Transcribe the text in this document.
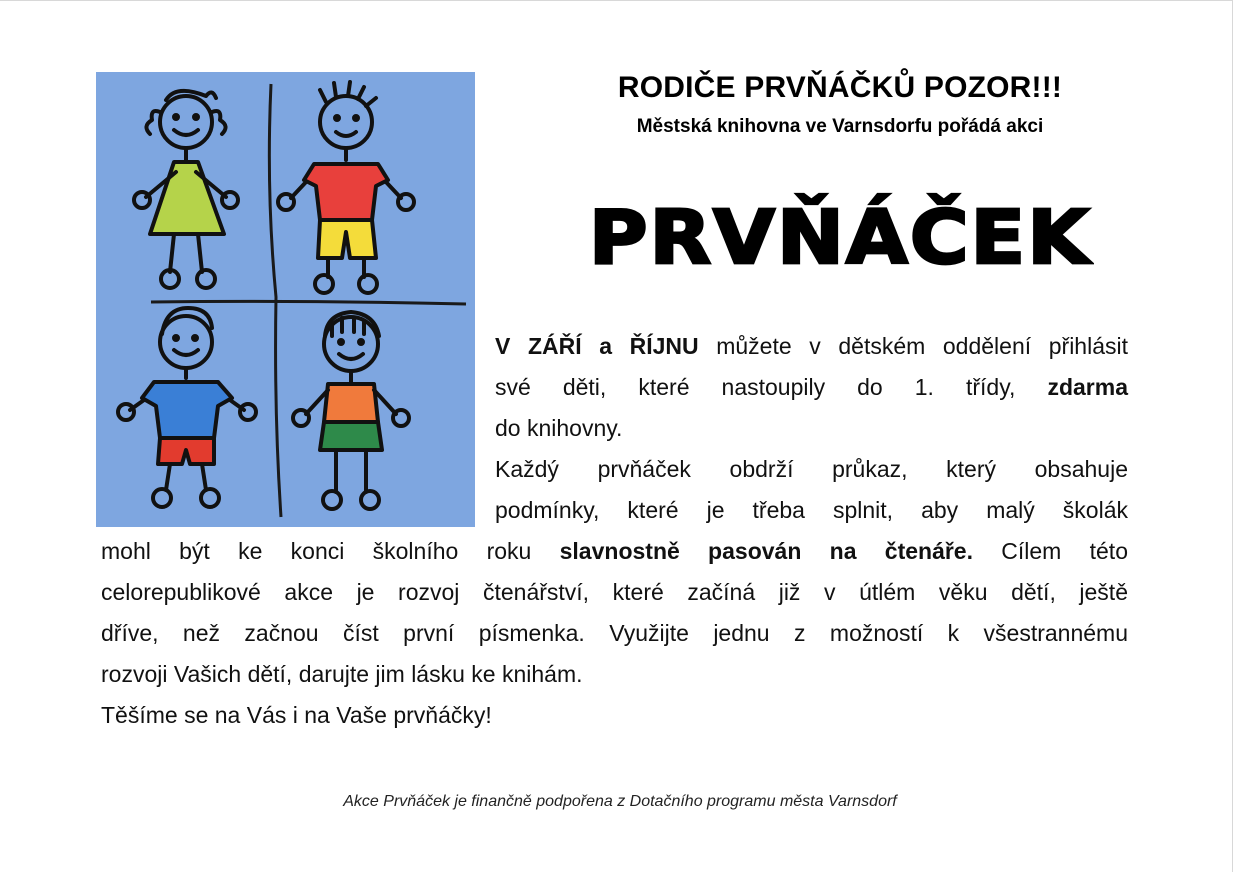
RODIČE PRVŇÁČKŮ POZOR!!!
Městská knihovna ve Varnsdorfu pořádá akci
PRVŇÁČEK
V ZÁŘÍ a ŘÍJNU můžete v dětském oddělení přihlásit
své děti, které nastoupily do 1. třídy, zdarma
do knihovny.
Každý prvňáček obdrží průkaz, který obsahuje
podmínky, které je třeba splnit, aby malý školák
mohl být ke konci školního roku slavnostně pasován na čtenáře. Cílem této
celorepublikové akce je rozvoj čtenářství, které začíná již v útlém věku dětí, ještě
dříve, než začnou číst první písmenka. Využijte jednu z možností k všestrannému
rozvoji Vašich dětí, darujte jim lásku ke knihám.
Těšíme se na Vás i na Vaše prvňáčky!
Akce Prvňáček je finančně podpořena z Dotačního programu města Varnsdorf
